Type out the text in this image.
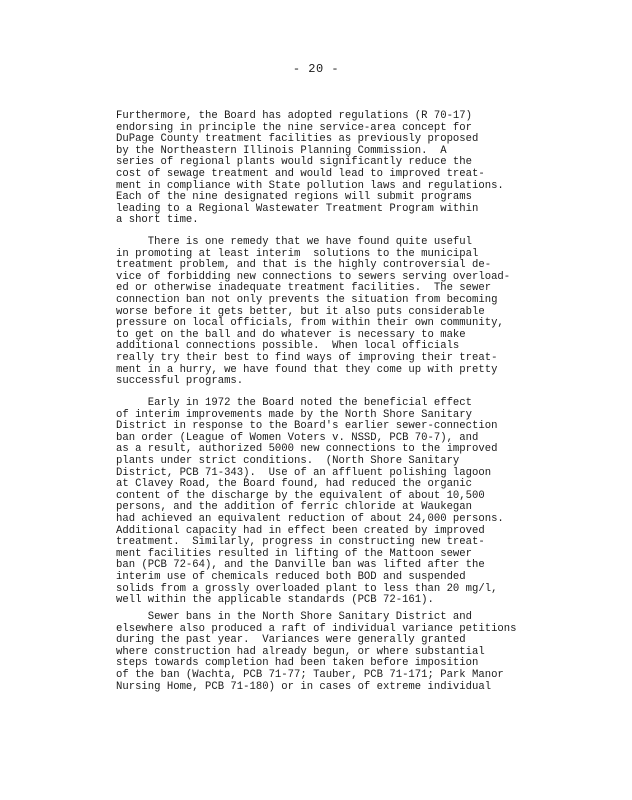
- 20 -
Furthermore, the Board has adopted regulations (R 70-17)
endorsing in principle the nine service-area concept for
DuPage County treatment facilities as previously proposed
by the Northeastern Illinois Planning Commission.  A
series of regional plants would significantly reduce the
cost of sewage treatment and would lead to improved treat-
ment in compliance with State pollution laws and regulations.
Each of the nine designated regions will submit programs
leading to a Regional Wastewater Treatment Program within
a short time.
There is one remedy that we have found quite useful
in promoting at least interim  solutions to the municipal
treatment problem, and that is the highly controversial de-
vice of forbidding new connections to sewers serving overload-
ed or otherwise inadequate treatment facilities.  The sewer
connection ban not only prevents the situation from becoming
worse before it gets better, but it also puts considerable
pressure on local officials, from within their own community,
to get on the ball and do whatever is necessary to make
additional connections possible.  When local officials
really try their best to find ways of improving their treat-
ment in a hurry, we have found that they come up with pretty
successful programs.
Early in 1972 the Board noted the beneficial effect
of interim improvements made by the North Shore Sanitary
District in response to the Board's earlier sewer-connection
ban order (League of Women Voters v. NSSD, PCB 70-7), and
as a result, authorized 5000 new connections to the improved
plants under strict conditions.  (North Shore Sanitary
District, PCB 71-343).  Use of an affluent polishing lagoon
at Clavey Road, the Board found, had reduced the organic
content of the discharge by the equivalent of about 10,500
persons, and the addition of ferric chloride at Waukegan
had achieved an equivalent reduction of about 24,000 persons.
Additional capacity had in effect been created by improved
treatment.  Similarly, progress in constructing new treat-
ment facilities resulted in lifting of the Mattoon sewer
ban (PCB 72-64), and the Danville ban was lifted after the
interim use of chemicals reduced both BOD and suspended
solids from a grossly overloaded plant to less than 20 mg/l,
well within the applicable standards (PCB 72-161).
Sewer bans in the North Shore Sanitary District and
elsewhere also produced a raft of individual variance petitions
during the past year.  Variances were generally granted
where construction had already begun, or where substantial
steps towards completion had been taken before imposition
of the ban (Wachta, PCB 71-77; Tauber, PCB 71-171; Park Manor
Nursing Home, PCB 71-180) or in cases of extreme individual
